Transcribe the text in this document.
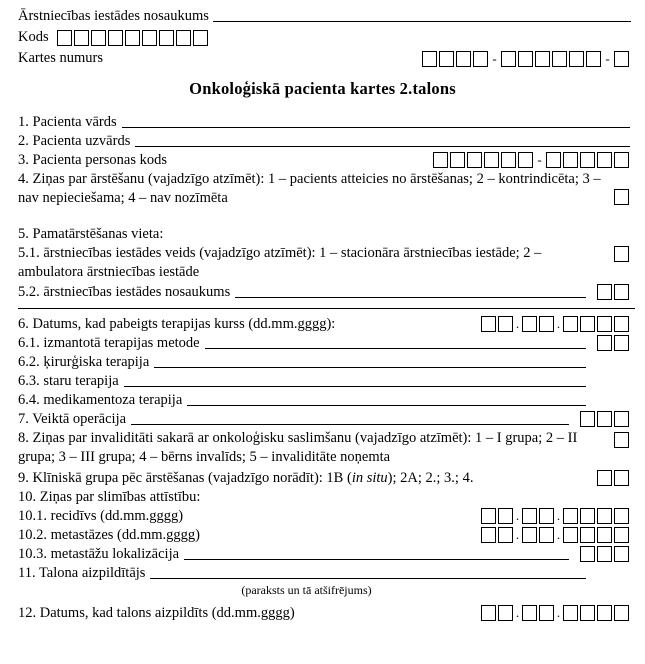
Ārstniecības iestādes nosaukums
Kods
Kartes numurs	-	-
Onkoloģiskā pacienta kartes 2.talons
1. Pacienta vārds
2. Pacienta uzvārds
3. Pacienta personas kods	-
4. Ziņas par ārstēšanu (vajadzīgo atzīmēt): 1 – pacients atteicies no ārstēšanas; 2 – kontrindicēta; 3 – nav nepieciešama; 4 – nav nozīmēta
5. Pamatārstēšanas vieta:
5.1. ārstniecības iestādes veids (vajadzīgo atzīmēt): 1 – stacionāra ārstniecības iestāde; 2 – ambulatora ārstniecības iestāde
5.2. ārstniecības iestādes nosaukums
6. Datums, kad pabeigts terapijas kurss (dd.mm.gggg):	.	.
6.1. izmantotā terapijas metode
6.2. ķirurģiska terapija
6.3. staru terapija
6.4. medikamentoza terapija
7. Veiktā operācija
8. Ziņas par invaliditāti sakarā ar onkoloģisku saslimšanu (vajadzīgo atzīmēt): 1 – I grupa; 2 – II grupa; 3 – III grupa; 4 – bērns invalīds; 5 – invaliditāte noņemta
9. Klīniskā grupa pēc ārstēšanas (vajadzīgo norādīt): 1B (in situ); 2A; 2.; 3.; 4.
10. Ziņas par slimības attīstību:
10.1. recidīvs (dd.mm.gggg)	.	.
10.2. metastāzes (dd.mm.gggg)	.	.
10.3. metastāžu lokalizācija
11. Talona aizpildītājs
(paraksts un tā atšifrējums)
12. Datums, kad talons aizpildīts (dd.mm.gggg)	.	.
